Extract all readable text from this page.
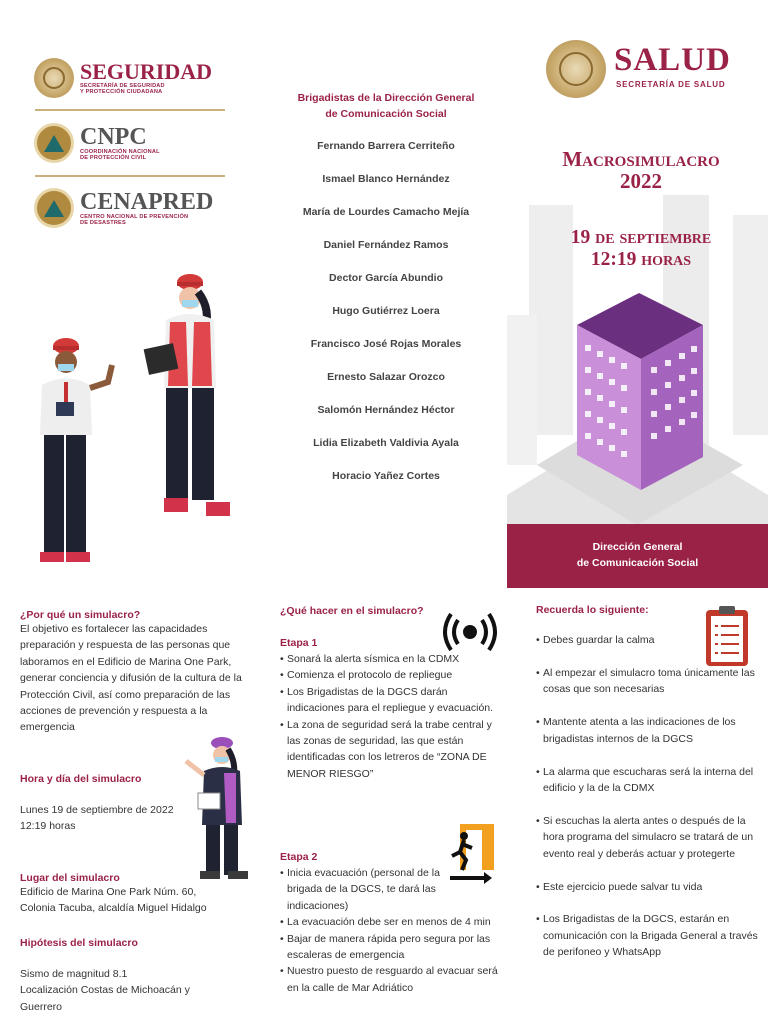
SEGURIDAD
SECRETARÍA DE SEGURIDAD
Y PROTECCIÓN CIUDADANA
CNPC
COORDINACIÓN NACIONAL
DE PROTECCIÓN CIVIL
CENAPRED
CENTRO NACIONAL DE PREVENCIÓN
DE DESASTRES
Brigadistas de la Dirección General
de Comunicación Social
Fernando Barrera Cerriteño
Ismael Blanco Hernández
María de Lourdes Camacho Mejía
Daniel Fernández Ramos
Dector García Abundio
Hugo Gutiérrez Loera
Francisco José Rojas Morales
Ernesto Salazar Orozco
Salomón Hernández Héctor
Lidia Elizabeth Valdivia Ayala
Horacio Yañez Cortes
SALUD
SECRETARÍA DE SALUD
Macrosimulacro
2022
19 de septiembre
12:19 horas
Dirección General
de Comunicación Social
¿Por qué un simulacro?
El objetivo es fortalecer las capacidades preparación y respuesta de las personas que laboramos en el Edificio de Marina One Park, generar conciencia y difusión de la cultura de la Protección Civil, así como preparación de las acciones de prevención y respuesta a la emergencia
Hora y día del simulacro
Lunes 19 de septiembre de 2022
12:19 horas
Lugar del simulacro
Edificio de Marina One Park Núm. 60,
Colonia Tacuba, alcaldía Miguel Hidalgo
Hipótesis del simulacro
Sismo de magnitud 8.1
Localización Costas de Michoacán y
Guerrero
¿Qué hacer en el simulacro?
Etapa 1
• Sonará la alerta sísmica en la CDMX
• Comienza el protocolo de repliegue
• Los Brigadistas de la DGCS darán indicaciones para el repliegue y evacuación.
• La zona de seguridad será la trabe central y las zonas de seguridad, las que están identificadas con los letreros de “ZONA DE MENOR RIESGO”
Etapa 2
• Inicia evacuación (personal de la brigada de la DGCS, te dará las indicaciones)
• La evacuación debe ser en menos de 4 min
• Bajar de manera rápida pero segura por las escaleras de emergencia
• Nuestro puesto de resguardo al evacuar será en la calle de Mar Adriático
Recuerda lo siguiente:
• Debes guardar la calma
• Al empezar el simulacro toma únicamente las cosas que son necesarias
• Mantente atenta a las indicaciones de los brigadistas internos de la DGCS
• La alarma que escucharas será la interna del edificio y la de la CDMX
• Si escuchas la alerta antes o después de la hora programa del simulacro se tratará de un evento real y deberás actuar y protegerte
• Este ejercicio puede salvar tu vida
• Los Brigadistas de la DGCS, estarán en comunicación con la Brigada General a través de perifoneo y WhatsApp
